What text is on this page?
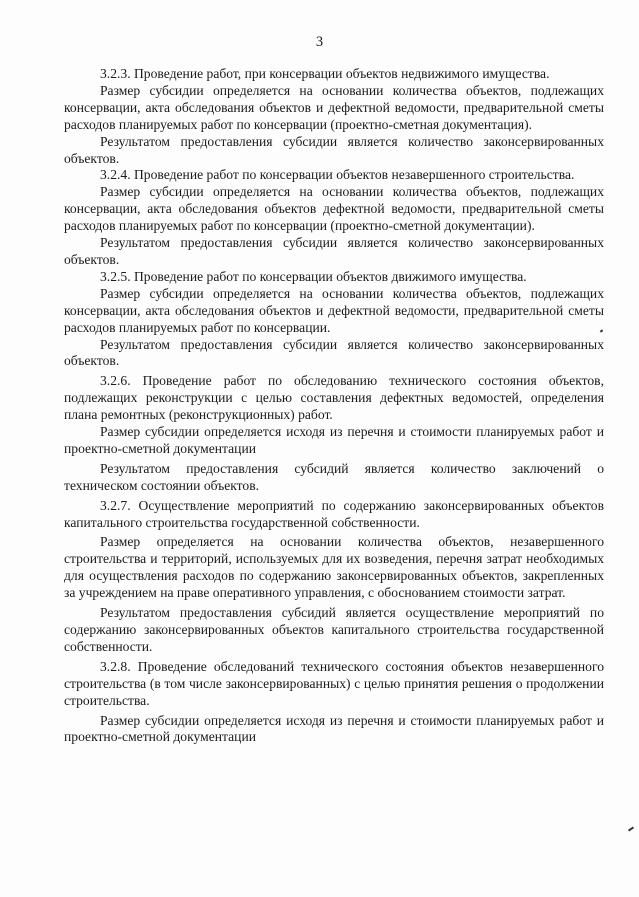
3

3.2.3. Проведение работ, при консервации объектов недвижимого имущества.

Размер субсидии определяется на основании количества объектов, подлежащих консервации, акта обследования объектов и дефектной ведомости, предварительной сметы расходов планируемых работ по консервации (проектно-сметная документация).

Результатом предоставления субсидии является количество законсервированных объектов.

3.2.4. Проведение работ по консервации объектов незавершенного строительства.

Размер субсидии определяется на основании количества объектов, подлежащих консервации, акта обследования объектов дефектной ведомости, предварительной сметы расходов планируемых работ по консервации (проектно-сметной документации).

Результатом предоставления субсидии является количество законсервированных объектов.

3.2.5. Проведение работ по консервации объектов движимого имущества.

Размер субсидии определяется на основании количества объектов, подлежащих консервации, акта обследования объектов и дефектной ведомости, предварительной сметы расходов планируемых работ по консервации.

Результатом предоставления субсидии является количество законсервированных объектов.

3.2.6. Проведение работ по обследованию технического состояния объектов, подлежащих реконструкции с целью составления дефектных ведомостей, определения плана ремонтных (реконструкционных) работ.

Размер субсидии определяется исходя из перечня и стоимости планируемых работ и проектно-сметной документации

Результатом предоставления субсидий является количество заключений о техническом состоянии объектов.

3.2.7. Осуществление мероприятий по содержанию законсервированных объектов капитального строительства государственной собственности.

Размер определяется на основании количества объектов, незавершенного строительства и территорий, используемых для их возведения, перечня затрат необходимых для осуществления расходов по содержанию законсервированных объектов, закрепленных за учреждением на праве оперативного управления, с обоснованием стоимости затрат.

Результатом предоставления субсидий является осуществление мероприятий по содержанию законсервированных объектов капитального строительства государственной собственности.

3.2.8. Проведение обследований технического состояния объектов незавершенного строительства (в том числе законсервированных) с целью принятия решения о продолжении строительства.

Размер субсидии определяется исходя из перечня и стоимости планируемых работ и проектно-сметной документации
